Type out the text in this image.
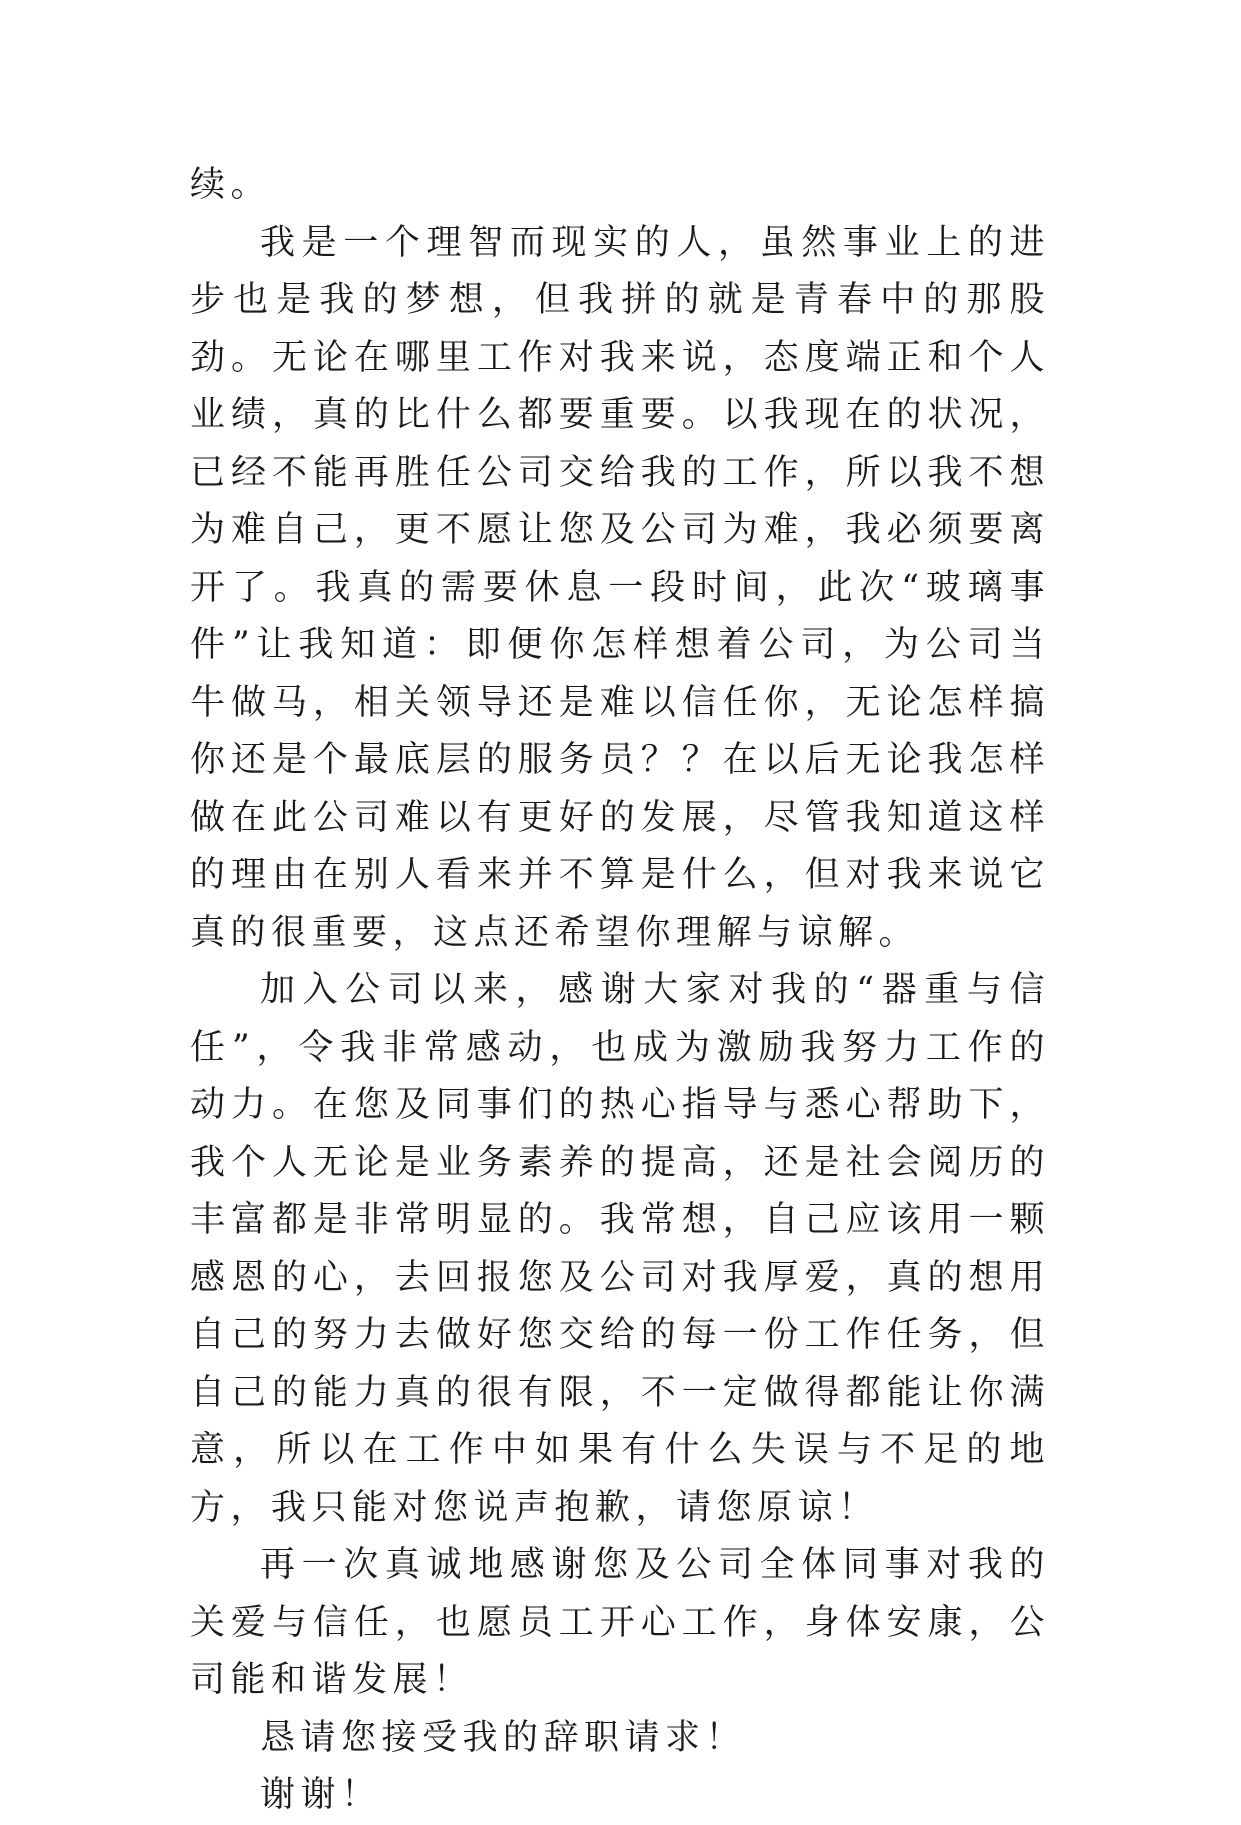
续。

我是一个理智而现实的人，虽然事业上的进步也是我的梦想，但我拼的就是青春中的那股劲。无论在哪里工作对我来说，态度端正和个人业绩，真的比什么都要重要。以我现在的状况，已经不能再胜任公司交给我的工作，所以我不想为难自己，更不愿让您及公司为难，我必须要离开了。我真的需要休息一段时间，此次“玻璃事件”让我知道：即便你怎样想着公司，为公司当牛做马，相关领导还是难以信任你，无论怎样搞你还是个最底层的服务员？？在以后无论我怎样做在此公司难以有更好的发展，尽管我知道这样的理由在别人看来并不算是什么，但对我来说它真的很重要，这点还希望你理解与谅解。

加入公司以来，感谢大家对我的“器重与信任”，令我非常感动，也成为激励我努力工作的动力。在您及同事们的热心指导与悉心帮助下，我个人无论是业务素养的提高，还是社会阅历的丰富都是非常明显的。我常想，自己应该用一颗感恩的心，去回报您及公司对我厚爱，真的想用自己的努力去做好您交给的每一份工作任务，但自己的能力真的很有限，不一定做得都能让你满意，所以在工作中如果有什么失误与不足的地方，我只能对您说声抱歉，请您原谅！

再一次真诚地感谢您及公司全体同事对我的关爱与信任，也愿员工开心工作，身体安康，公司能和谐发展！

恳请您接受我的辞职请求！

谢谢！
